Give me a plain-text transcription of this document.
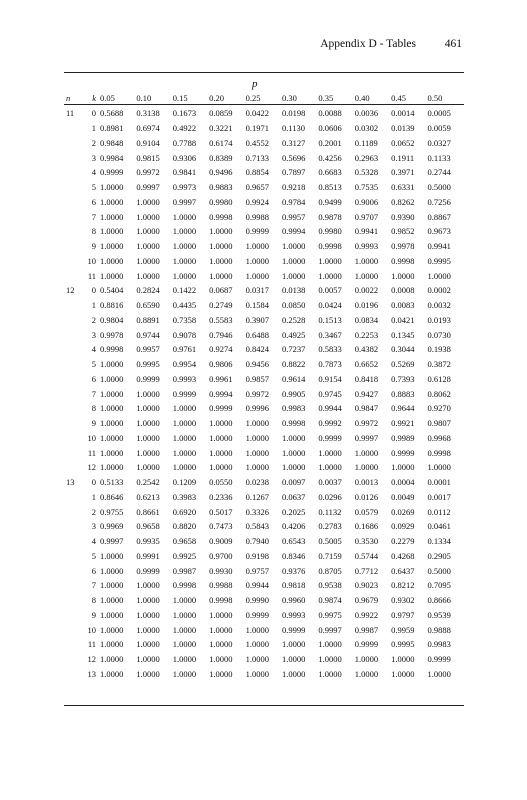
Appendix D - Tables	461
p
n	k	0.05	0.10	0.15	0.20	0.25	0.30	0.35	0.40	0.45	0.50
11	0	0.5688	0.3138	0.1673	0.0859	0.0422	0.0198	0.0088	0.0036	0.0014	0.0005
	1	0.8981	0.6974	0.4922	0.3221	0.1971	0.1130	0.0606	0.0302	0.0139	0.0059
	2	0.9848	0.9104	0.7788	0.6174	0.4552	0.3127	0.2001	0.1189	0.0652	0.0327
	3	0.9984	0.9815	0.9306	0.8389	0.7133	0.5696	0.4256	0.2963	0.1911	0.1133
	4	0.9999	0.9972	0.9841	0.9496	0.8854	0.7897	0.6683	0.5328	0.3971	0.2744
	5	1.0000	0.9997	0.9973	0.9883	0.9657	0.9218	0.8513	0.7535	0.6331	0.5000
	6	1.0000	1.0000	0.9997	0.9980	0.9924	0.9784	0.9499	0.9006	0.8262	0.7256
	7	1.0000	1.0000	1.0000	0.9998	0.9988	0.9957	0.9878	0.9707	0.9390	0.8867
	8	1.0000	1.0000	1.0000	1.0000	0.9999	0.9994	0.9980	0.9941	0.9852	0.9673
	9	1.0000	1.0000	1.0000	1.0000	1.0000	1.0000	0.9998	0.9993	0.9978	0.9941
	10	1.0000	1.0000	1.0000	1.0000	1.0000	1.0000	1.0000	1.0000	0.9998	0.9995
	11	1.0000	1.0000	1.0000	1.0000	1.0000	1.0000	1.0000	1.0000	1.0000	1.0000
12	0	0.5404	0.2824	0.1422	0.0687	0.0317	0.0138	0.0057	0.0022	0.0008	0.0002
	1	0.8816	0.6590	0.4435	0.2749	0.1584	0.0850	0.0424	0.0196	0.0083	0.0032
	2	0.9804	0.8891	0.7358	0.5583	0.3907	0.2528	0.1513	0.0834	0.0421	0.0193
	3	0.9978	0.9744	0.9078	0.7946	0.6488	0.4925	0.3467	0.2253	0.1345	0.0730
	4	0.9998	0.9957	0.9761	0.9274	0.8424	0.7237	0.5833	0.4382	0.3044	0.1938
	5	1.0000	0.9995	0.9954	0.9806	0.9456	0.8822	0.7873	0.6652	0.5269	0.3872
	6	1.0000	0.9999	0.9993	0.9961	0.9857	0.9614	0.9154	0.8418	0.7393	0.6128
	7	1.0000	1.0000	0.9999	0.9994	0.9972	0.9905	0.9745	0.9427	0.8883	0.8062
	8	1.0000	1.0000	1.0000	0.9999	0.9996	0.9983	0.9944	0.9847	0.9644	0.9270
	9	1.0000	1.0000	1.0000	1.0000	1.0000	0.9998	0.9992	0.9972	0.9921	0.9807
	10	1.0000	1.0000	1.0000	1.0000	1.0000	1.0000	0.9999	0.9997	0.9989	0.9968
	11	1.0000	1.0000	1.0000	1.0000	1.0000	1.0000	1.0000	1.0000	0.9999	0.9998
	12	1.0000	1.0000	1.0000	1.0000	1.0000	1.0000	1.0000	1.0000	1.0000	1.0000
13	0	0.5133	0.2542	0.1209	0.0550	0.0238	0.0097	0.0037	0.0013	0.0004	0.0001
	1	0.8646	0.6213	0.3983	0.2336	0.1267	0.0637	0.0296	0.0126	0.0049	0.0017
	2	0.9755	0.8661	0.6920	0.5017	0.3326	0.2025	0.1132	0.0579	0.0269	0.0112
	3	0.9969	0.9658	0.8820	0.7473	0.5843	0.4206	0.2783	0.1686	0.0929	0.0461
	4	0.9997	0.9935	0.9658	0.9009	0.7940	0.6543	0.5005	0.3530	0.2279	0.1334
	5	1.0000	0.9991	0.9925	0.9700	0.9198	0.8346	0.7159	0.5744	0.4268	0.2905
	6	1.0000	0.9999	0.9987	0.9930	0.9757	0.9376	0.8705	0.7712	0.6437	0.5000
	7	1.0000	1.0000	0.9998	0.9988	0.9944	0.9818	0.9538	0.9023	0.8212	0.7095
	8	1.0000	1.0000	1.0000	0.9998	0.9990	0.9960	0.9874	0.9679	0.9302	0.8666
	9	1.0000	1.0000	1.0000	1.0000	0.9999	0.9993	0.9975	0.9922	0.9797	0.9539
	10	1.0000	1.0000	1.0000	1.0000	1.0000	0.9999	0.9997	0.9987	0.9959	0.9888
	11	1.0000	1.0000	1.0000	1.0000	1.0000	1.0000	1.0000	0.9999	0.9995	0.9983
	12	1.0000	1.0000	1.0000	1.0000	1.0000	1.0000	1.0000	1.0000	1.0000	0.9999
	13	1.0000	1.0000	1.0000	1.0000	1.0000	1.0000	1.0000	1.0000	1.0000	1.0000
